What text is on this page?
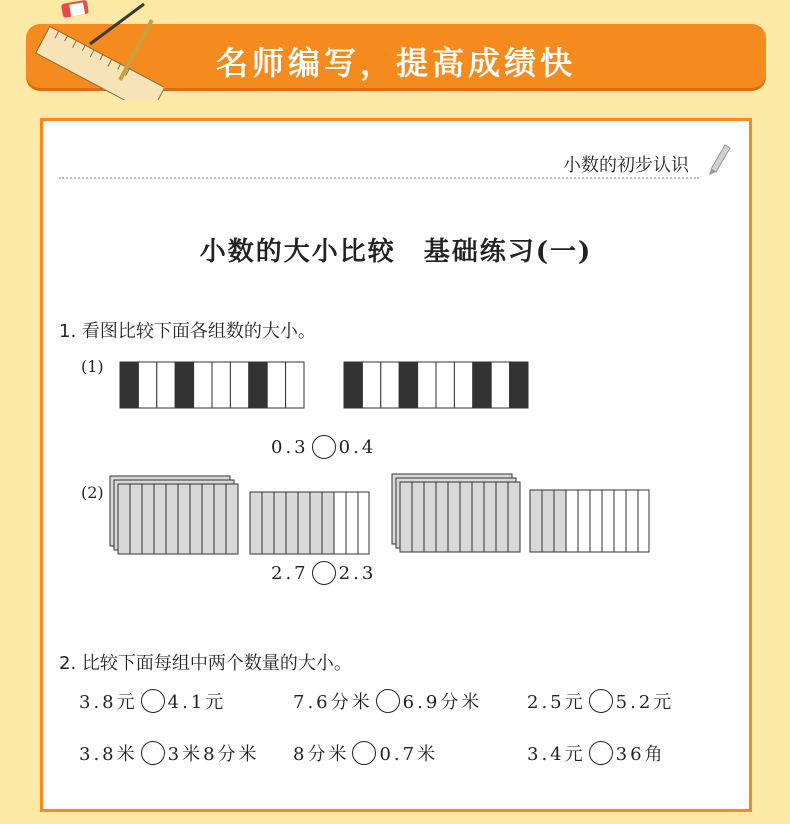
名师编写，提高成绩快
小数的初步认识
小数的大小比较　基础练习(一)
1. 看图比较下面各组数的大小。
(1)
0.3 0.4
(2)
2.7 2.3
2. 比较下面每组中两个数量的大小。
3.8元 4.1元	7.6分米 6.9分米 2.5元 5.2元
3.8米 3米8分米 8分米 0.7米	3.4元 36角
